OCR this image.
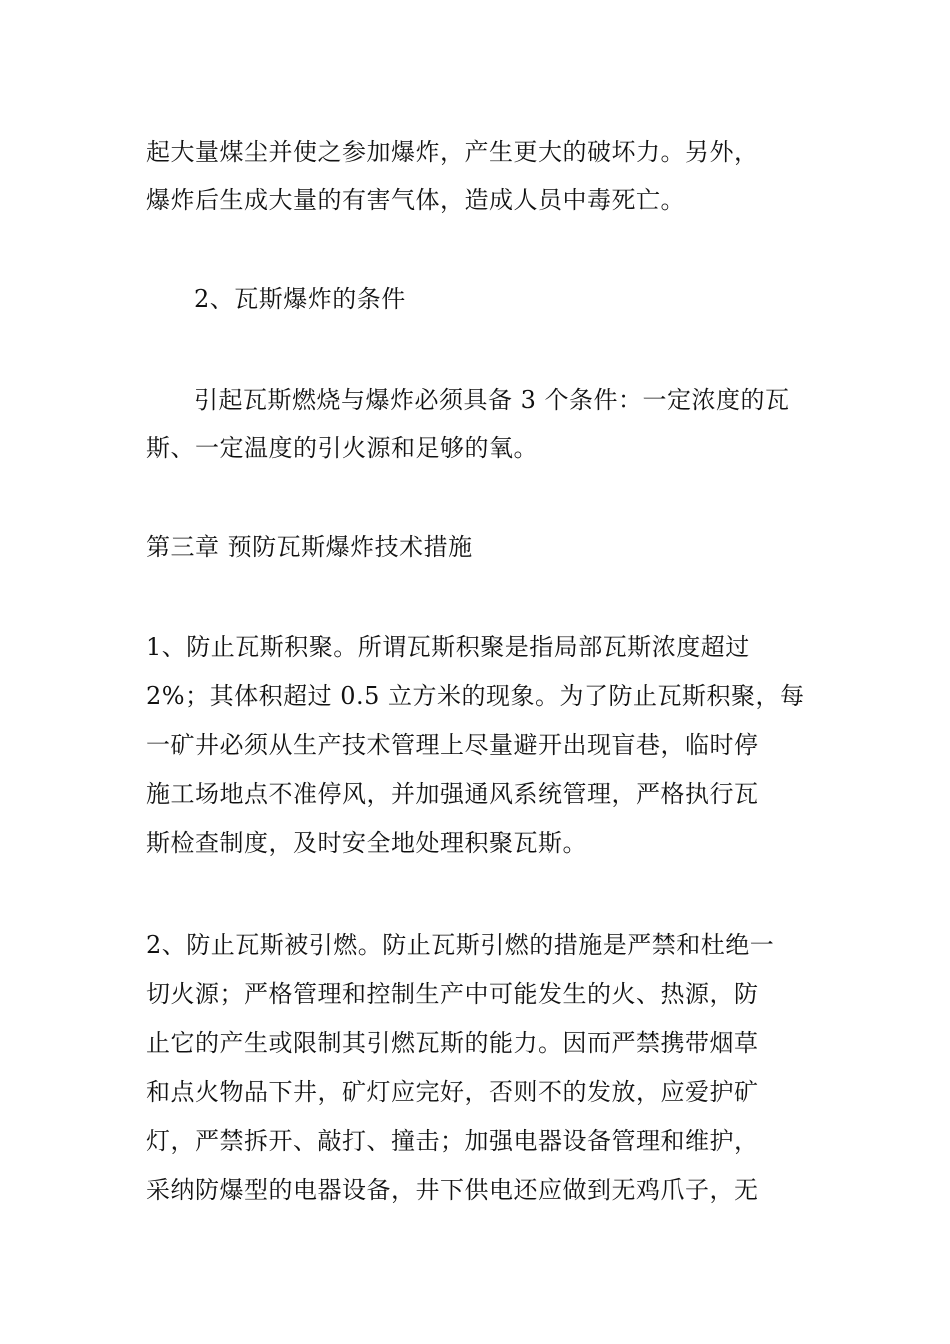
起大量煤尘并使之参加爆炸，产生更大的破坏力。另外，
爆炸后生成大量的有害气体，造成人员中毒死亡。
2、瓦斯爆炸的条件
引起瓦斯燃烧与爆炸必须具备 3 个条件：一定浓度的瓦
斯、一定温度的引火源和足够的氧。
第三章 预防瓦斯爆炸技术措施
1、防止瓦斯积聚。所谓瓦斯积聚是指局部瓦斯浓度超过
2%；其体积超过 0.5 立方米的现象。为了防止瓦斯积聚，每
一矿井必须从生产技术管理上尽量避开出现盲巷，临时停
施工场地点不准停风，并加强通风系统管理，严格执行瓦
斯检查制度，及时安全地处理积聚瓦斯。
2、防止瓦斯被引燃。防止瓦斯引燃的措施是严禁和杜绝一
切火源；严格管理和控制生产中可能发生的火、热源，防
止它的产生或限制其引燃瓦斯的能力。因而严禁携带烟草
和点火物品下井，矿灯应完好，否则不的发放，应爱护矿
灯，严禁拆开、敲打、撞击；加强电器设备管理和维护，
采纳防爆型的电器设备，井下供电还应做到无鸡爪子，无
